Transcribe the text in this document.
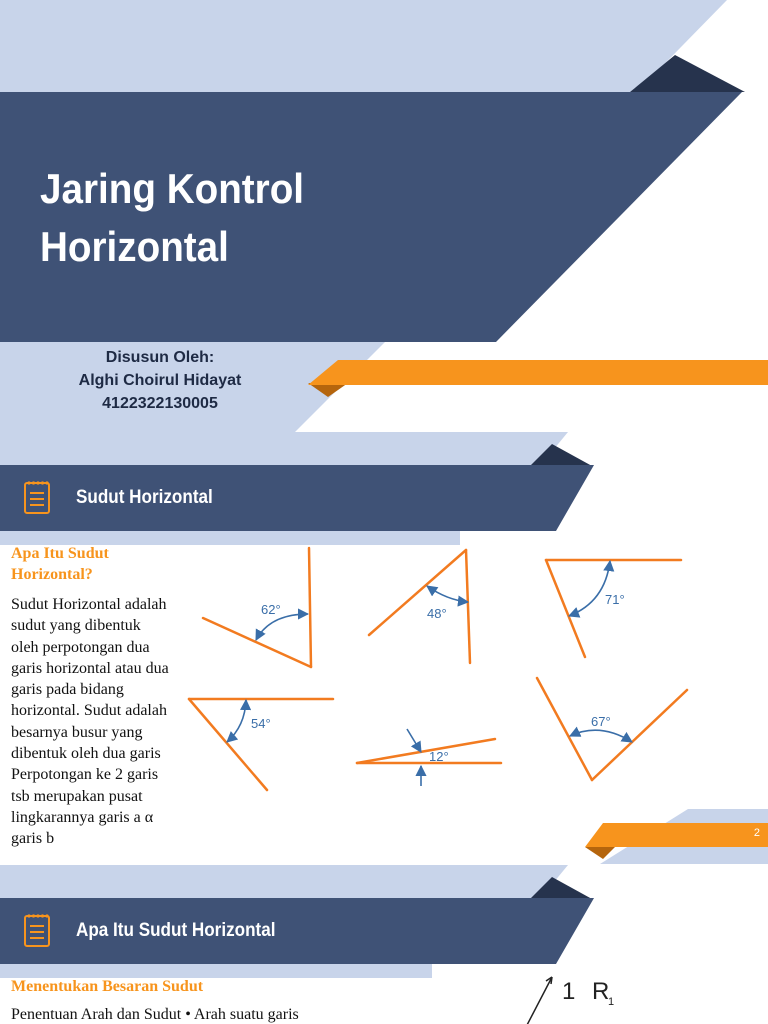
Jaring Kontrol
Horizontal
Disusun Oleh:
Alghi Choirul Hidayat
4122322130005
Sudut Horizontal
Apa Itu Sudut Horizontal?
Sudut Horizontal adalah
sudut yang dibentuk
oleh perpotongan dua
garis horizontal atau dua
garis pada bidang
horizontal. Sudut adalah
besarnya busur yang
dibentuk oleh dua garis
Perpotongan ke 2 garis
tsb merupakan pusat
lingkarannya garis a α
garis b
62°	48°
71°
54°
12°
67°
2
Apa Itu Sudut Horizontal
Menentukan Besaran Sudut
Penentuan Arah dan Sudut • Arah suatu garis
1 R
1
